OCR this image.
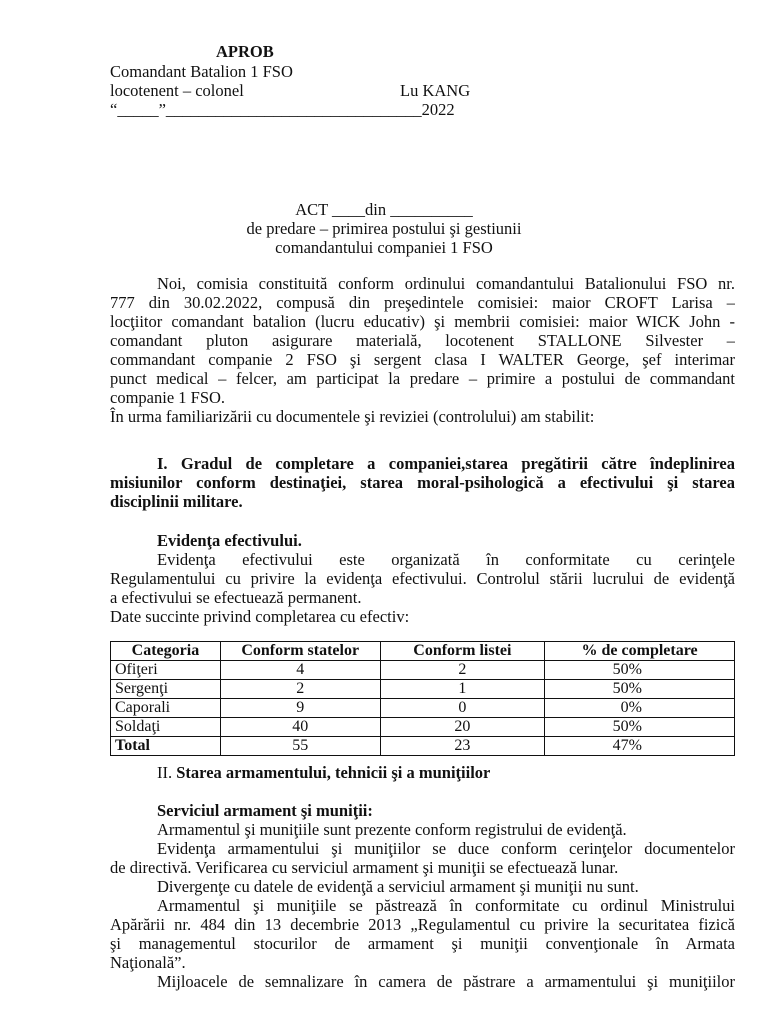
APROB
Comandant Batalion 1 FSO
locotenent – colonel	Lu KANG
“_____”_______________________________2022
ACT ____din __________
de predare – primirea postului şi gestiunii
comandantului companiei 1 FSO
Noi, comisia constituită conform ordinului comandantului Batalionului FSO nr.
777 din 30.02.2022, compusă din preşedintele comisiei: maior CROFT Larisa –
locţiitor comandant batalion (lucru educativ) şi membrii comisiei: maior WICK John -
comandant pluton asigurare materială, locotenent STALLONE Silvester –
commandant companie 2 FSO şi sergent clasa I WALTER George, şef interimar
punct medical – felcer, am participat la predare – primire a postului de commandant
companie 1 FSO.
În urma familiarizării cu documentele şi reviziei (controlului) am stabilit:
I. Gradul de completare a companiei,starea pregătirii către îndeplinirea
misiunilor conform destinaţiei, starea moral-psihologică a efectivului şi starea
disciplinii militare.
Evidenţa efectivului.
Evidenţa efectivului este organizată în conformitate cu cerinţele
Regulamentului cu privire la evidenţa efectivului. Controlul stării lucrului de evidenţă
a efectivului se efectuează permanent.
Date succinte privind completarea cu efectiv:
Categoria	Conform statelor	Conform listei	% de completare
Ofiţeri	4	2	50%
Sergenţi	2	1	50%
Caporali	9	0	0%
Soldaţi	40	20	50%
Total	55	23	47%
II. Starea armamentului, tehnicii şi a muniţiilor
Serviciul armament şi muniţii:
Armamentul şi muniţiile sunt prezente conform registrului de evidenţă.
Evidenţa armamentului şi muniţiilor se duce conform cerinţelor documentelor
de directivă. Verificarea cu serviciul armament şi muniţii se efectuează lunar.
Divergenţe cu datele de evidenţă a serviciul armament şi muniţii nu sunt.
Armamentul şi muniţiile se păstrează în conformitate cu ordinul Ministrului
Apărării nr. 484 din 13 decembrie 2013 „Regulamentul cu privire la securitatea fizică
şi managementul stocurilor de armament şi muniţii convenţionale în Armata
Naţională”.
Mijloacele de semnalizare în camera de păstrare a armamentului şi muniţiilor
